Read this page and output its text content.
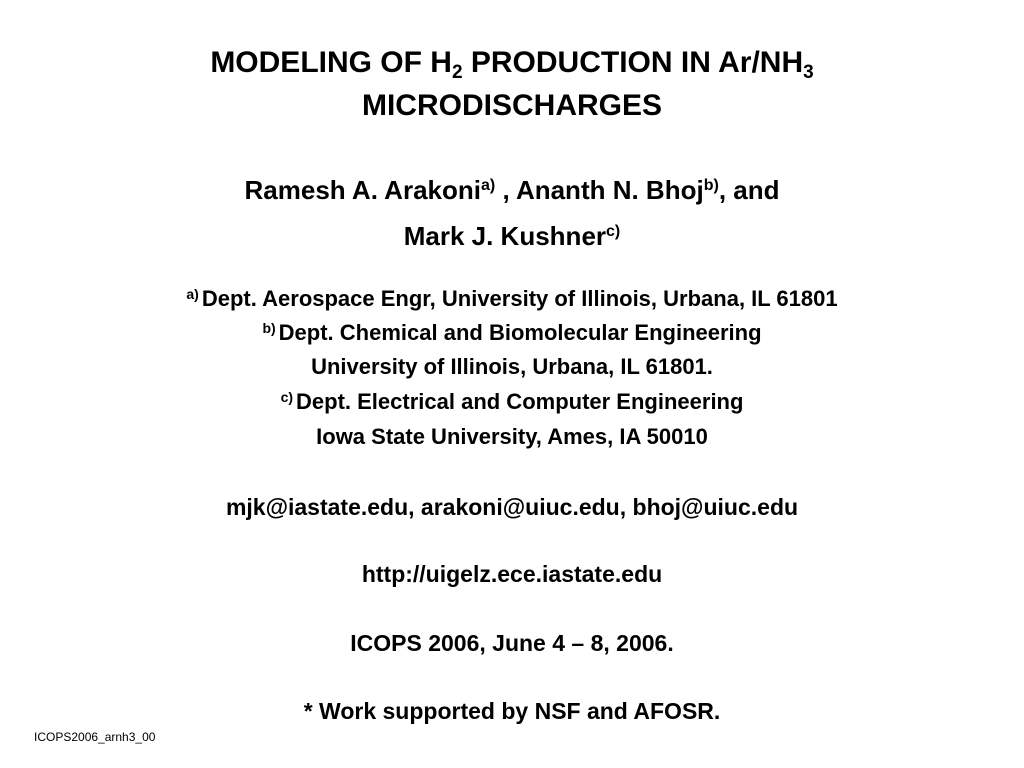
MODELING OF $H_2$ PRODUCTION IN $Ar/NH_3$
MICRODISCHARGES
Ramesh A. Arakoni$^{a)}$ , Ananth N. Bhoj$^{b)}$, and
Mark J. Kushner$^{c)}$
$^{a)}$ Dept. Aerospace Engr, University of Illinois, Urbana, IL 61801
$^{b)}$ Dept. Chemical and Biomolecular Engineering
University of Illinois, Urbana, IL 61801.
$^{c)}$ Dept. Electrical and Computer Engineering
Iowa State University, Ames, IA 50010
mjk@iastate.edu, arakoni@uiuc.edu, bhoj@uiuc.edu
http://uigelz.ece.iastate.edu
ICOPS 2006, June 4 – 8, 2006.
* Work supported by NSF and AFOSR.
ICOPS2006_arnh3_00
